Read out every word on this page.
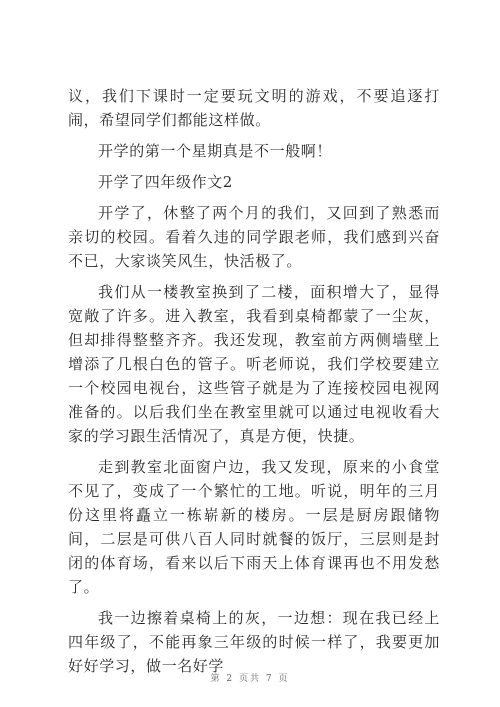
议，我们下课时一定要玩文明的游戏，不要追逐打闹，希望同学们都能这样做。

开学的第一个星期真是不一般啊！

开学了四年级作文2

开学了，休整了两个月的我们，又回到了熟悉而亲切的校园。看着久违的同学跟老师，我们感到兴奋不已，大家谈笑风生，快活极了。

我们从一楼教室换到了二楼，面积增大了，显得宽敞了许多。进入教室，我看到桌椅都蒙了一尘灰，但却排得整整齐齐。我还发现，教室前方两侧墙壁上增添了几根白色的管子。听老师说，我们学校要建立一个校园电视台，这些管子就是为了连接校园电视网准备的。以后我们坐在教室里就可以通过电视收看大家的学习跟生活情况了，真是方便，快捷。

走到教室北面窗户边，我又发现，原来的小食堂不见了，变成了一个繁忙的工地。听说，明年的三月份这里将矗立一栋崭新的楼房。一层是厨房跟储物间，二层是可供八百人同时就餐的饭厅，三层则是封闭的体育场，看来以后下雨天上体育课再也不用发愁了。

我一边擦着桌椅上的灰，一边想：现在我已经上四年级了，不能再象三年级的时候一样了，我要更加好好学习，做一名好学

第 2 页共 7 页
